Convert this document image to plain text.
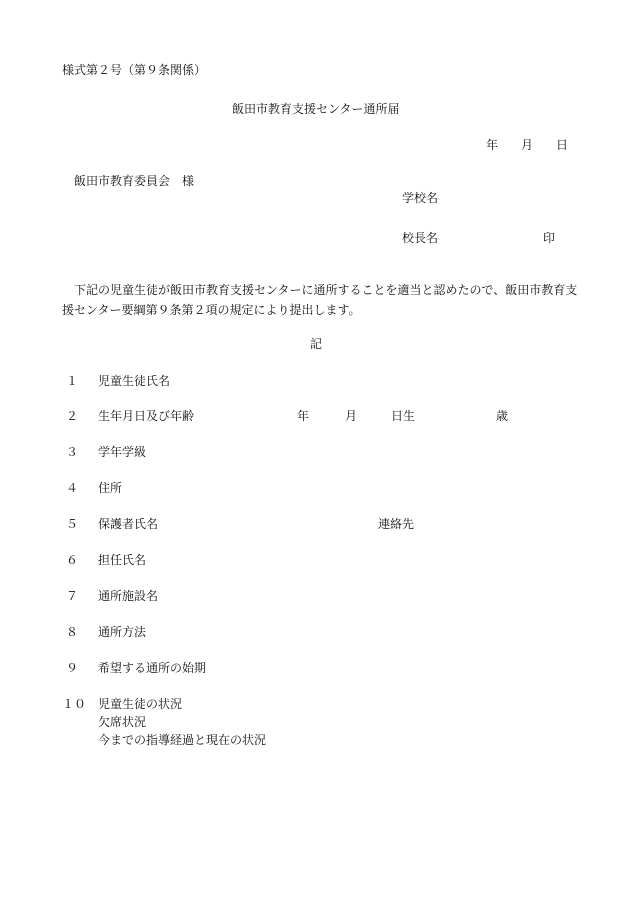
様式第２号（第９条関係）
飯田市教育支援センター通所届
年 月 日
飯田市教育委員会　様
学校名
校長名	印
下記の児童生徒が飯田市教育支援センターに通所することを適当と認めたので、飯田市教育支援センター要綱第９条第２項の規定により提出します。
記
１ 児童生徒氏名
２ 生年月日及び年齢	年	月	日生	歳
３ 学年学級
４ 住所
５ 保護者氏名	連絡先
６ 担任氏名
７ 通所施設名
８ 通所方法
９ 希望する通所の始期
１０ 児童生徒の状況
欠席状況
今までの指導経過と現在の状況
